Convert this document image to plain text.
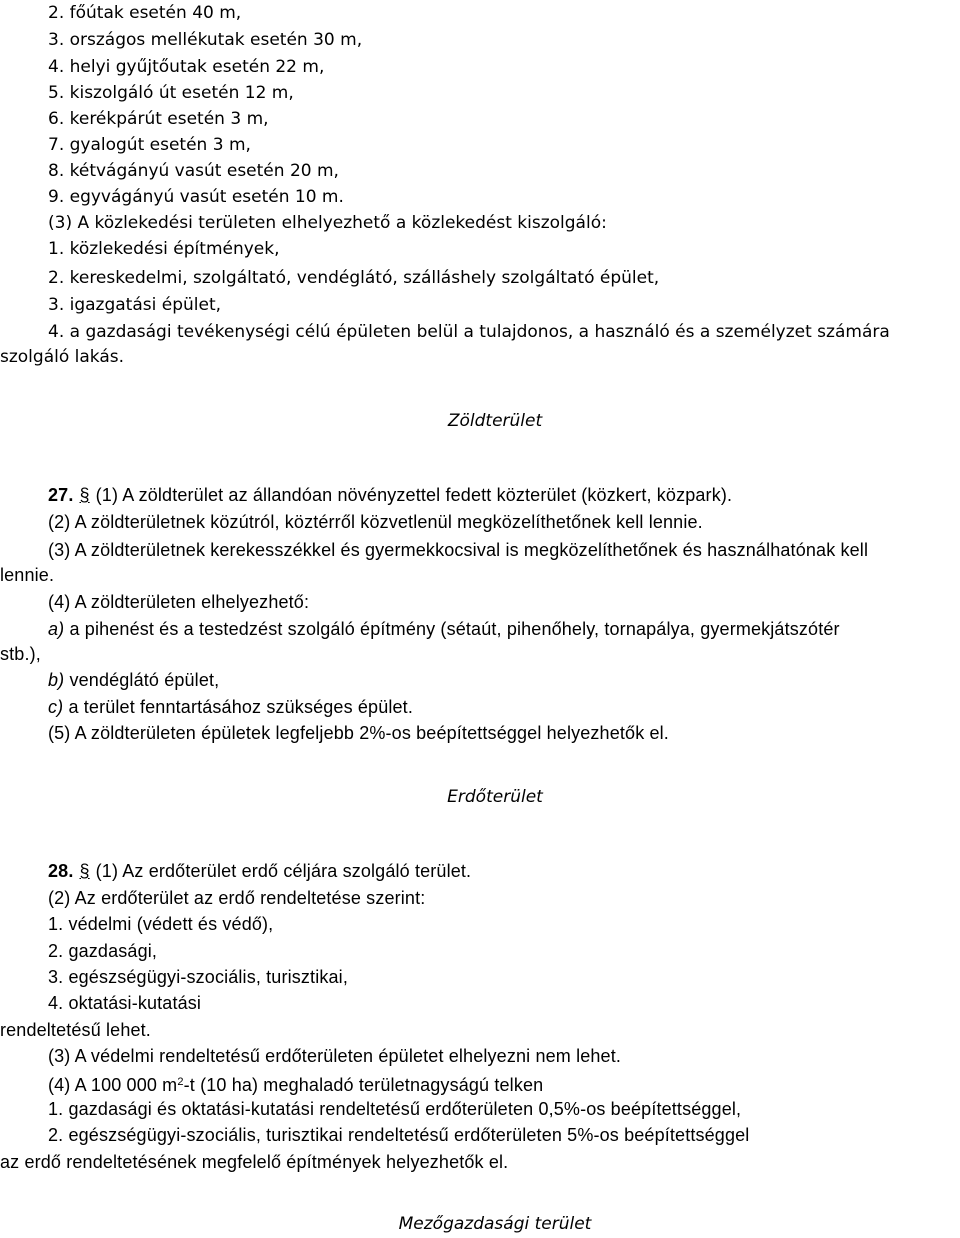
2. főútak esetén 40 m,
3. országos mellékutak esetén 30 m,
4. helyi gyűjtőutak esetén 22 m,
5. kiszolgáló út esetén 12 m,
6. kerékpárút esetén 3 m,
7. gyalogút esetén 3 m,
8. kétvágányú vasút esetén 20 m,
9. egyvágányú vasút esetén 10 m.
(3) A közlekedési területen elhelyezhető a közlekedést kiszolgáló:
1. közlekedési építmények,
2. kereskedelmi, szolgáltató, vendéglátó, szálláshely szolgáltató épület,
3. igazgatási épület,
4. a gazdasági tevékenységi célú épületen belül a tulajdonos, a használó és a személyzet számára
szolgáló lakás.
Zöldterület
27. § (1) A zöldterület az állandóan növényzettel fedett közterület (közkert, közpark).
(2) A zöldterületnek közútról, köztérről közvetlenül megközelíthetőnek kell lennie.
(3) A zöldterületnek kerekesszékkel és gyermekkocsival is megközelíthetőnek és használhatónak kell
lennie.
(4) A zöldterületen elhelyezhető:
a) a pihenést és a testedzést szolgáló építmény (sétaút, pihenőhely, tornapálya, gyermekjátszótér
stb.),
b) vendéglátó épület,
c) a terület fenntartásához szükséges épület.
(5) A zöldterületen épületek legfeljebb 2%-os beépítettséggel helyezhetők el.
Erdőterület
28. § (1) Az erdőterület erdő céljára szolgáló terület.
(2) Az erdőterület az erdő rendeltetése szerint:
1. védelmi (védett és védő),
2. gazdasági,
3. egészségügyi-szociális, turisztikai,
4. oktatási-kutatási
rendeltetésű lehet.
(3) A védelmi rendeltetésű erdőterületen épületet elhelyezni nem lehet.
(4) A 100 000 $m^2-t$ (10 ha) meghaladó területnagyságú telken
1. gazdasági és oktatási-kutatási rendeltetésű erdőterületen 0,5%-os beépítettséggel,
2. egészségügyi-szociális, turisztikai rendeltetésű erdőterületen 5%-os beépítettséggel
az erdő rendeltetésének megfelelő építmények helyezhetők el.
Mezőgazdasági terület
